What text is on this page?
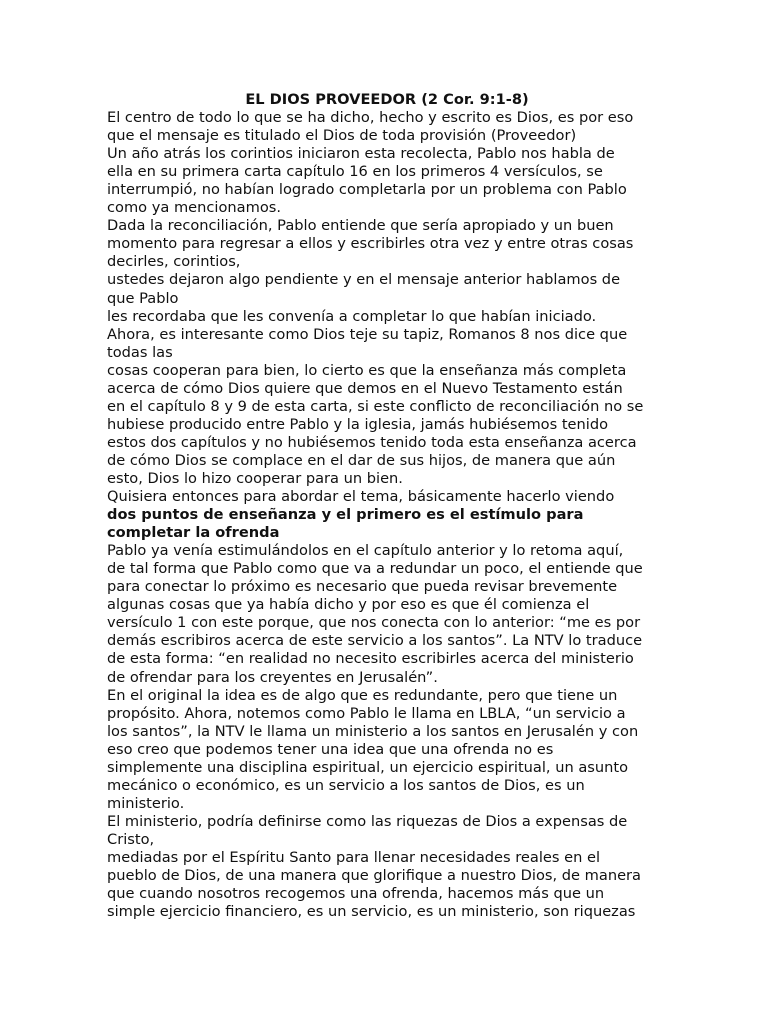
EL DIOS PROVEEDOR (2 Cor. 9:1-8)
El centro de todo lo que se ha dicho, hecho y escrito es Dios, es por eso
que el mensaje es titulado el Dios de toda provisión (Proveedor)
Un año atrás los corintios iniciaron esta recolecta, Pablo nos habla de
ella en su primera carta capítulo 16 en los primeros 4 versículos, se
interrumpió, no habían logrado completarla por un problema con Pablo
como ya mencionamos.
Dada la reconciliación, Pablo entiende que sería apropiado y un buen
momento para regresar a ellos y escribirles otra vez y entre otras cosas
decirles, corintios,
ustedes dejaron algo pendiente y en el mensaje anterior hablamos de
que Pablo
les recordaba que les convenía a completar lo que habían iniciado.
Ahora, es interesante como Dios teje su tapiz, Romanos 8 nos dice que
todas las
cosas cooperan para bien, lo cierto es que la enseñanza más completa
acerca de cómo Dios quiere que demos en el Nuevo Testamento están
en el capítulo 8 y 9 de esta carta, si este conflicto de reconciliación no se
hubiese producido entre Pablo y la iglesia, jamás hubiésemos tenido
estos dos capítulos y no hubiésemos tenido toda esta enseñanza acerca
de cómo Dios se complace en el dar de sus hijos, de manera que aún
esto, Dios lo hizo cooperar para un bien.
Quisiera entonces para abordar el tema, básicamente hacerlo viendo
dos puntos de enseñanza y el primero es el estímulo para
completar la ofrenda
Pablo ya venía estimulándolos en el capítulo anterior y lo retoma aquí,
de tal forma que Pablo como que va a redundar un poco, el entiende que
para conectar lo próximo es necesario que pueda revisar brevemente
algunas cosas que ya había dicho y por eso es que él comienza el
versículo 1 con este porque, que nos conecta con lo anterior: “me es por
demás escribiros acerca de este servicio a los santos”. La NTV lo traduce
de esta forma: “en realidad no necesito escribirles acerca del ministerio
de ofrendar para los creyentes en Jerusalén”.
En el original la idea es de algo que es redundante, pero que tiene un
propósito. Ahora, notemos como Pablo le llama en LBLA, “un servicio a
los santos”, la NTV le llama un ministerio a los santos en Jerusalén y con
eso creo que podemos tener una idea que una ofrenda no es
simplemente una disciplina espiritual, un ejercicio espiritual, un asunto
mecánico o económico, es un servicio a los santos de Dios, es un
ministerio.
El ministerio, podría definirse como las riquezas de Dios a expensas de
Cristo,
mediadas por el Espíritu Santo para llenar necesidades reales en el
pueblo de Dios, de una manera que glorifique a nuestro Dios, de manera
que cuando nosotros recogemos una ofrenda, hacemos más que un
simple ejercicio financiero, es un servicio, es un ministerio, son riquezas
